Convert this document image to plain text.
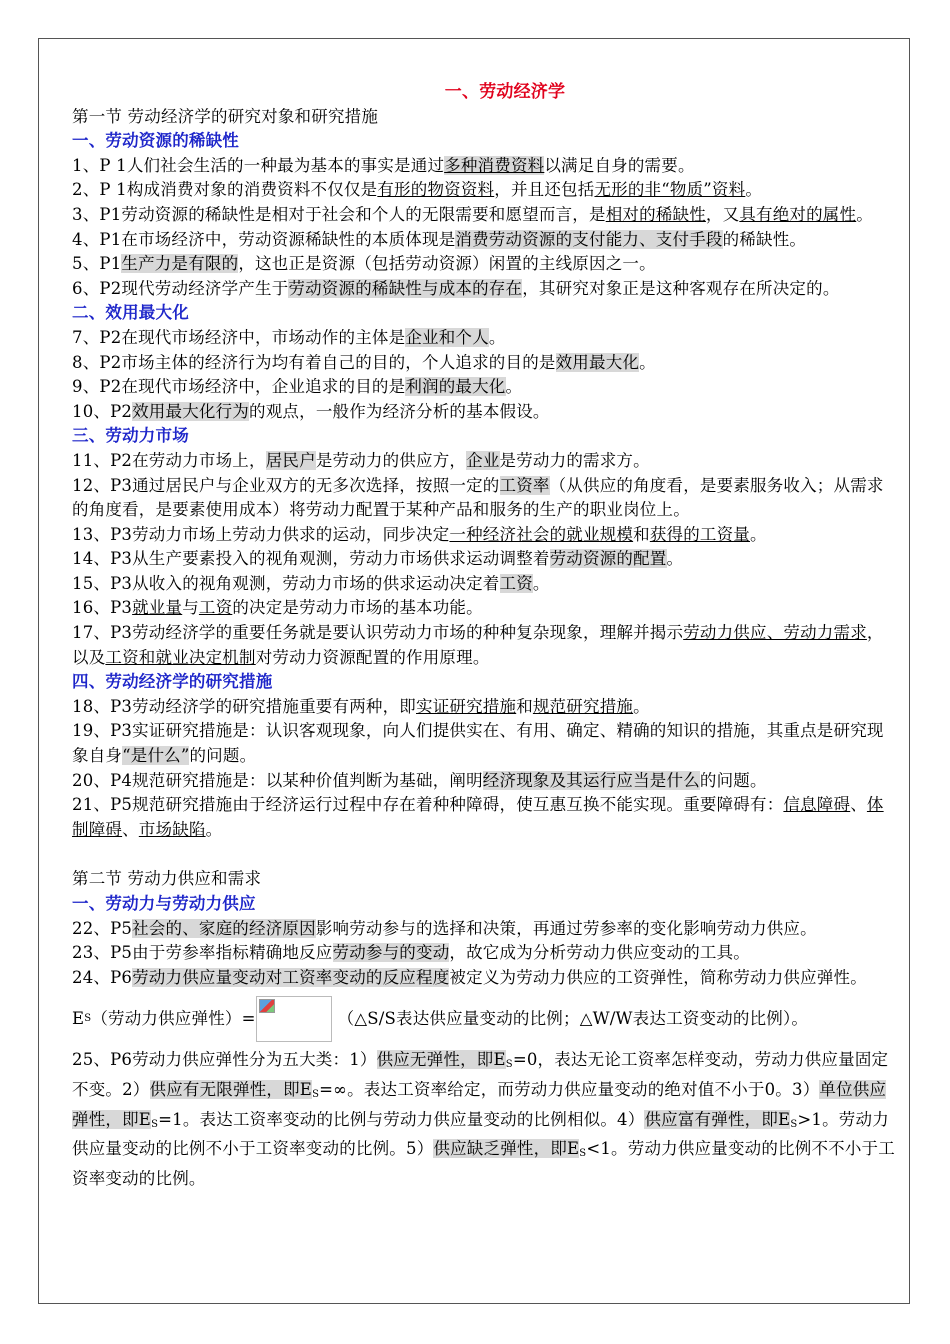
一、劳动经济学
第一节 劳动经济学的研究对象和研究措施
一、劳动资源的稀缺性

1、P 1人们社会生活的一种最为基本的事实是通过多种消费资料以满足自身的需要。

2、P 1构成消费对象的消费资料不仅仅是有形的物资资料，并且还包括无形的非“物质”资料。

3、P1劳动资源的稀缺性是相对于社会和个人的无限需要和愿望而言，是相对的稀缺性，又具有绝对的属性。

4、P1在市场经济中，劳动资源稀缺性的本质体现是消费劳动资源的支付能力、支付手段的稀缺性。

5、P1生产力是有限的，这也正是资源（包括劳动资源）闲置的主线原因之一。

6、P2现代劳动经济学产生于劳动资源的稀缺性与成本的存在，其研究对象正是这种客观存在所决定的。

二、效用最大化

7、P2在现代市场经济中，市场动作的主体是企业和个人。

8、P2市场主体的经济行为均有着自己的目的，个人追求的目的是效用最大化。

9、P2在现代市场经济中，企业追求的目的是利润的最大化。

10、P2效用最大化行为的观点，一般作为经济分析的基本假设。

三、劳动力市场

11、P2在劳动力市场上，居民户是劳动力的供应方，企业是劳动力的需求方。

12、P3通过居民户与企业双方的无多次选择，按照一定的工资率（从供应的角度看，是要素服务收入；从需求的角度看，是要素使用成本）将劳动力配置于某种产品和服务的生产的职业岗位上。

13、P3劳动力市场上劳动力供求的运动，同步决定一种经济社会的就业规模和获得的工资量。

14、P3从生产要素投入的视角观测，劳动力市场供求运动调整着劳动资源的配置。

15、P3从收入的视角观测，劳动力市场的供求运动决定着工资。

16、P3就业量与工资的决定是劳动力市场的基本功能。

17、P3劳动经济学的重要任务就是要认识劳动力市场的种种复杂现象，理解并揭示劳动力供应、劳动力需求，以及工资和就业决定机制对劳动力资源配置的作用原理。

四、劳动经济学的研究措施

18、P3劳动经济学的研究措施重要有两种，即实证研究措施和规范研究措施。

19、P3实证研究措施是：认识客观现象，向人们提供实在、有用、确定、精确的知识的措施，其重点是研究现象自身“是什么”的问题。

20、P4规范研究措施是：以某种价值判断为基础，阐明经济现象及其运行应当是什么的问题。

21、P5规范研究措施由于经济运行过程中存在着种种障碍，使互惠互换不能实现。重要障碍有：信息障碍、体制障碍、市场缺陷。

第二节 劳动力供应和需求
一、劳动力与劳动力供应

22、P5社会的、家庭的经济原因影响劳动参与的选择和决策，再通过劳参率的变化影响劳动力供应。

23、P5由于劳参率指标精确地反应劳动参与的变动，故它成为分析劳动力供应变动的工具。

24、P6劳动力供应量变动对工资率变动的反应程度被定义为劳动力供应的工资弹性，简称劳动力供应弹性。

E S （劳动力供应弹性）=	（△S/S表达供应量变动的比例；△W/W表达工资变动的比例）。

25、P6劳动力供应弹性分为五大类：1）供应无弹性，即$E_S=0$，表达无论工资率怎样变动，劳动力供应量固定不变。2）供应有无限弹性，即$E_S=\infty$。表达工资率给定，而劳动力供应量变动的绝对值不小于0。3）单位供应弹性，即$E_S=1$。表达工资率变动的比例与劳动力供应量变动的比例相似。4）供应富有弹性，即$E_S>1$。劳动力供应量变动的比例不小于工资率变动的比例。5）供应缺乏弹性，即$E_S<1$。劳动力供应量变动的比例不不小于工资率变动的比例。
